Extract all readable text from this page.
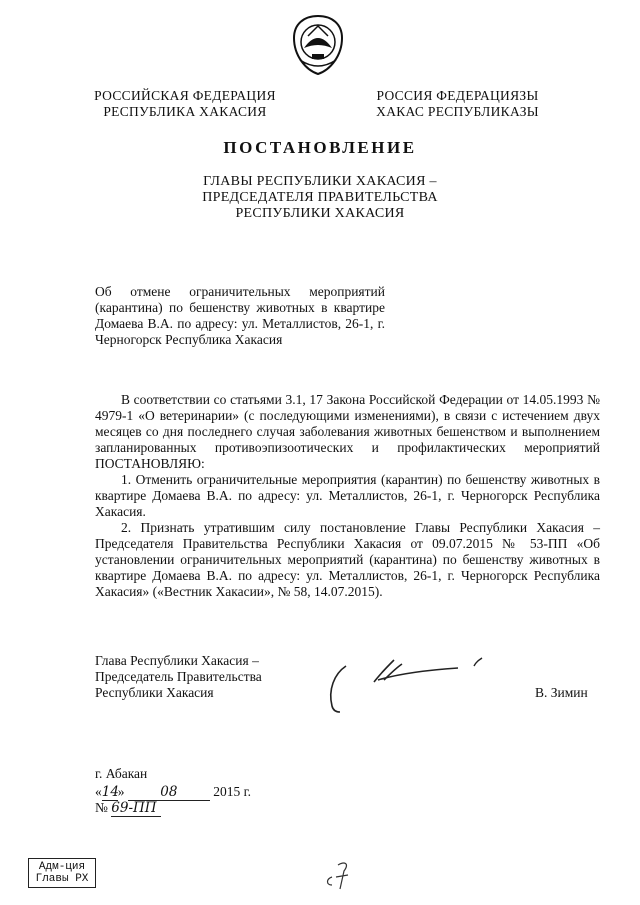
РОССИЙСКАЯ ФЕДЕРАЦИЯ
РЕСПУБЛИКА ХАКАСИЯ
РОССИЯ ФЕДЕРАЦИЯЗЫ
ХАКАС РЕСПУБЛИКАЗЫ
ПОСТАНОВЛЕНИЕ
ГЛАВЫ РЕСПУБЛИКИ ХАКАСИЯ –
ПРЕДСЕДАТЕЛЯ ПРАВИТЕЛЬСТВА
РЕСПУБЛИКИ ХАКАСИЯ
Об отмене ограничительных мероприятий (карантина) по бешенству животных в квартире Домаева В.А. по адресу: ул. Металлистов, 26-1, г. Черногорск Республика Хакасия

В соответствии со статьями 3.1, 17 Закона Российской Федерации от 14.05.1993 № 4979-1 «О ветеринарии» (с последующими изменениями), в связи с истечением двух месяцев со дня последнего случая заболевания животных бешенством и выполнением запланированных противоэпизоотических и профилактических мероприятий ПОСТАНОВЛЯЮ:

1. Отменить ограничительные мероприятия (карантин) по бешенству животных в квартире Домаева В.А. по адресу: ул. Металлистов, 26-1, г. Черногорск Республика Хакасия.

2. Признать утратившим силу постановление Главы Республики Хакасия – Председателя Правительства Республики Хакасия от 09.07.2015 № 53-ПП «Об установлении ограничительных мероприятий (карантина) по бешенству животных в квартире Домаева В.А. по адресу: ул. Металлистов, 26-1, г. Черногорск Республика Хакасия» («Вестник Хакасии», № 58, 14.07.2015).

Глава Республики Хакасия –
Председатель Правительства
Республики Хакасия	В. Зимин
г. Абакан
«14»	08	2015 г.
№ 69-ПП
Адм-ция
Главы РХ
